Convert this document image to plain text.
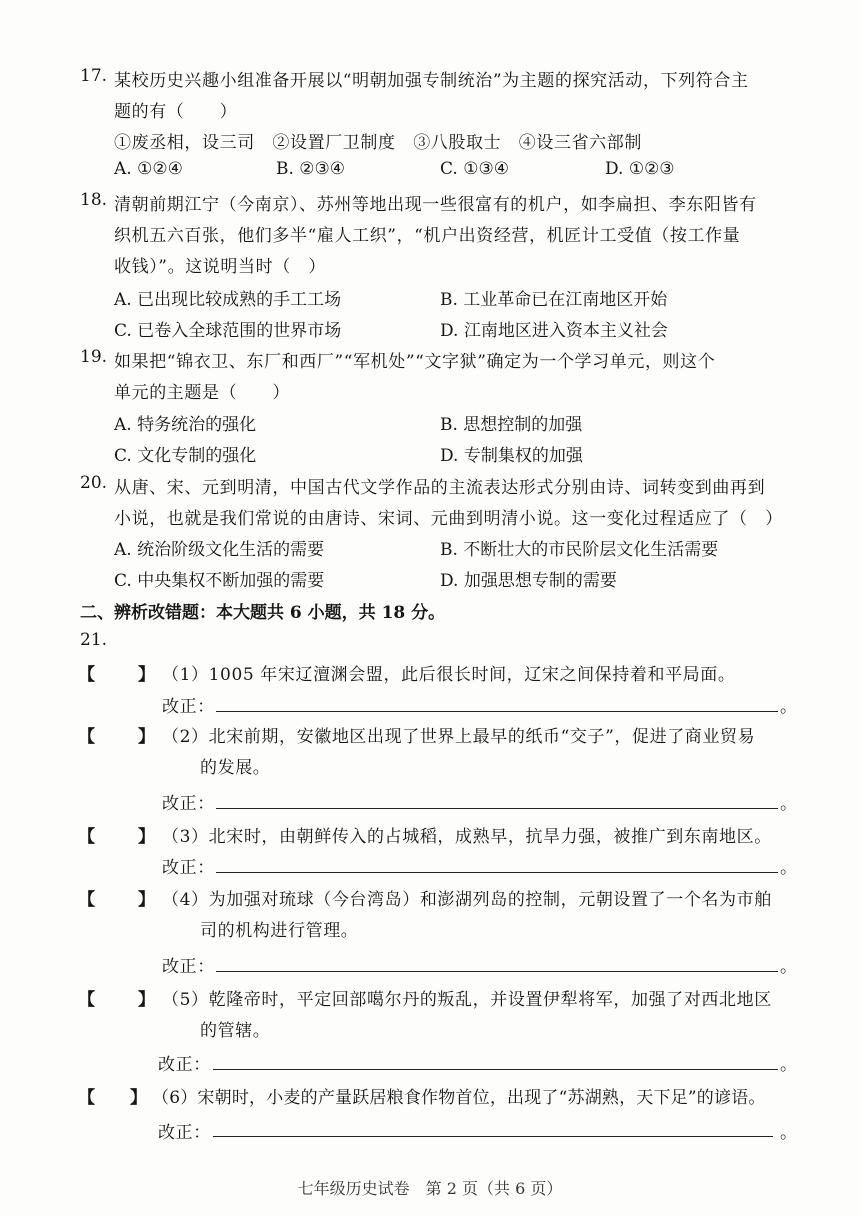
17. 某校历史兴趣小组准备开展以“明朝加强专制统治”为主题的探究活动，下列符合主
题的有（　　）
①废丞相，设三司　②设置厂卫制度　③八股取士　④设三省六部制
A. ①②④	B. ②③④	C. ①③④	D. ①②③
18. 清朝前期江宁（今南京）、苏州等地出现一些很富有的机户，如李扁担、李东阳皆有
织机五六百张，他们多半“雇人工织”，“机户出资经营，机匠计工受值（按工作量
收钱）”。这说明当时（　）
A. 已出现比较成熟的手工工场	B. 工业革命已在江南地区开始
C. 已卷入全球范围的世界市场	D. 江南地区进入资本主义社会
19. 如果把“锦衣卫、东厂和西厂”“军机处”“文字狱”确定为一个学习单元，则这个
单元的主题是（　　）
A. 特务统治的强化	B. 思想控制的加强
C. 文化专制的强化	D. 专制集权的加强
20. 从唐、宋、元到明清，中国古代文学作品的主流表达形式分别由诗、词转变到曲再到
小说，也就是我们常说的由唐诗、宋词、元曲到明清小说。这一变化过程适应了（　）
A. 统治阶级文化生活的需要	B. 不断壮大的市民阶层文化生活需要
C. 中央集权不断加强的需要	D. 加强思想专制的需要
二、辨析改错题：本大题共 6 小题，共 18 分。
21.
【	】 （1）1005 年宋辽澶渊会盟，此后很长时间，辽宋之间保持着和平局面。
改正：	。
【	】 （2）北宋前期，安徽地区出现了世界上最早的纸币“交子”，促进了商业贸易
的发展。
改正：	。
【	】 （3）北宋时，由朝鲜传入的占城稻，成熟早，抗旱力强，被推广到东南地区。
改正：	。
【	】 （4）为加强对琉球（今台湾岛）和澎湖列岛的控制，元朝设置了一个名为市舶
司的机构进行管理。
改正：	。
【	】 （5）乾隆帝时，平定回部噶尔丹的叛乱，并设置伊犁将军，加强了对西北地区
的管辖。
改正：	。
【 】 （6）宋朝时，小麦的产量跃居粮食作物首位，出现了“苏湖熟，天下足”的谚语。
改正：	。
七年级历史试卷　第 2 页（共 6 页）
